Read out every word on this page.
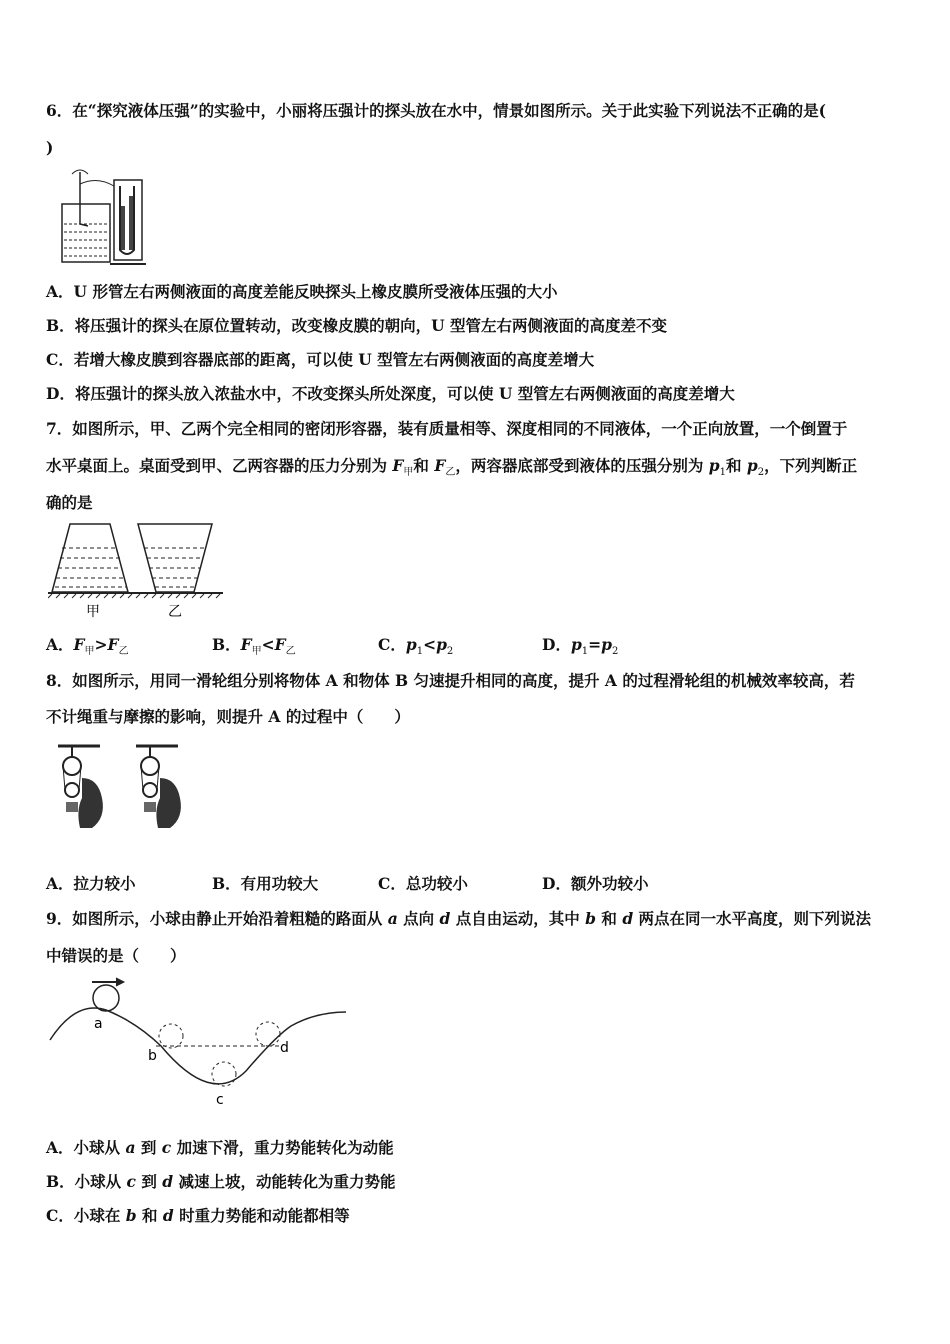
6．在“探究液体压强”的实验中，小丽将压强计的探头放在水中，情景如图所示。关于此实验下列说法不正确的是(
)
A．U 形管左右两侧液面的高度差能反映探头上橡皮膜所受液体压强的大小
B．将压强计的探头在原位置转动，改变橡皮膜的朝向，U 型管左右两侧液面的高度差不变
C．若增大橡皮膜到容器底部的距离，可以使 U 型管左右两侧液面的高度差增大
D．将压强计的探头放入浓盐水中，不改变探头所处深度，可以使 U 型管左右两侧液面的高度差增大
7．如图所示，甲、乙两个完全相同的密闭形容器，装有质量相等、深度相同的不同液体，一个正向放置，一个倒置于
水平桌面上。桌面受到甲、乙两容器的压力分别为 $F_甲$和 $F_乙$，两容器底部受到液体的压强分别为 $p_1$和 $p_2$，下列判断正
确的是
甲	乙
A．$F_甲>F_乙$	B．$F_甲<F_乙$	C．$p_1<p_2$	D．$p_1=p_2$
8．如图所示，用同一滑轮组分别将物体 A 和物体 B 匀速提升相同的高度，提升 A 的过程滑轮组的机械效率较高，若
不计绳重与摩擦的影响，则提升 A 的过程中（　　）
A．拉力较小	B．有用功较大	C．总功较小	D．额外功较小
9．如图所示，小球由静止开始沿着粗糙的路面从 a 点向 d 点自由运动，其中 b 和 d 两点在同一水平高度，则下列说法
中错误的是（　　）
a
b
c
d
A．小球从 a 到 c 加速下滑，重力势能转化为动能
B．小球从 c 到 d 减速上坡，动能转化为重力势能
C．小球在 b 和 d 时重力势能和动能都相等
